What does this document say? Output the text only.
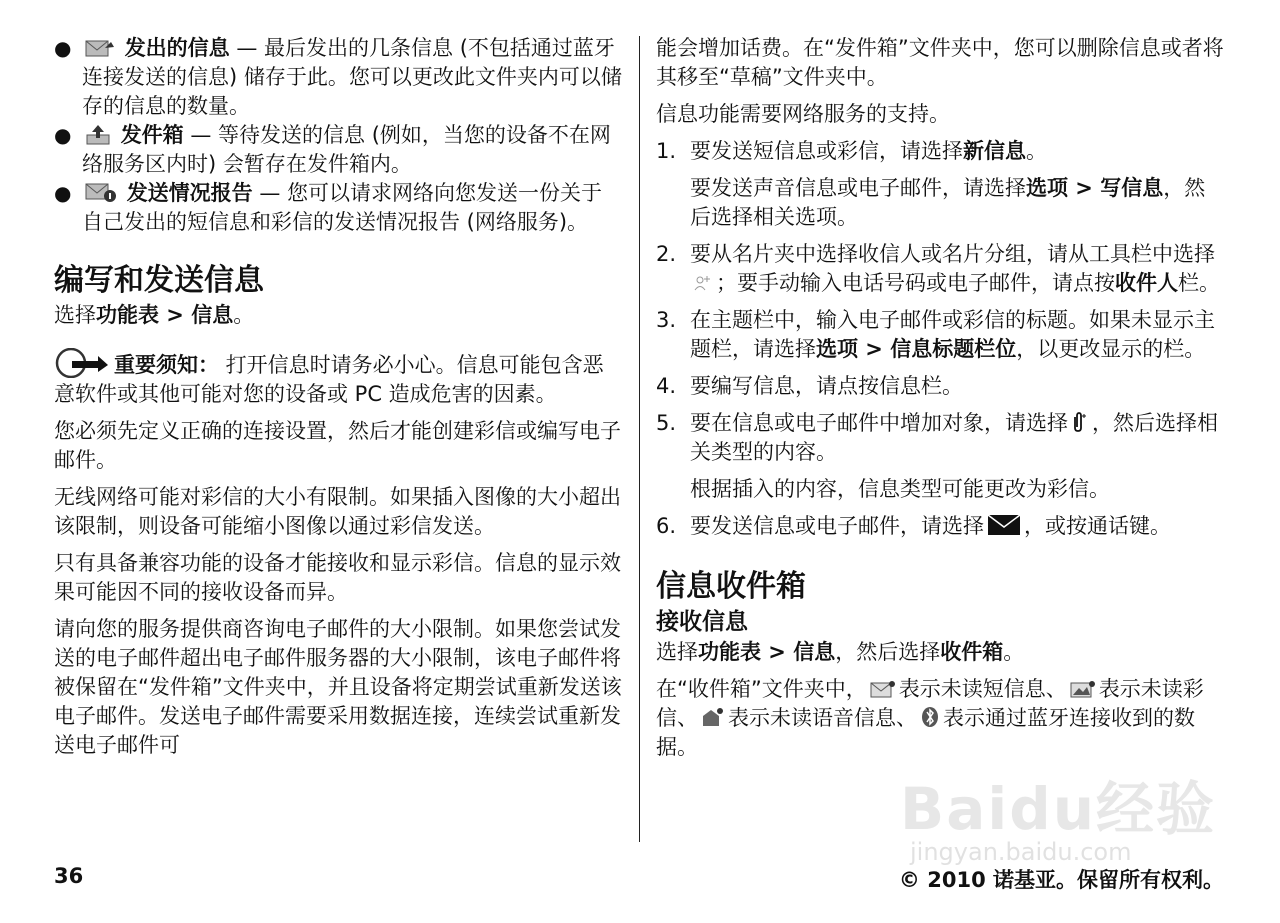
●	发出的信息 — 最后发出的几条信息 (不包括通过蓝牙连接发送的信息) 储存于此。您可以更改此文件夹内可以储存的信息的数量。
● 发件箱 — 等待发送的信息 (例如，当您的设备不在网络服务区内时) 会暂存在发件箱内。
●	发送情况报告 — 您可以请求网络向您发送一份关于自己发出的短信息和彩信的发送情况报告 (网络服务)。
编写和发送信息

选择功能表 > 信息。

重要须知： 打开信息时请务必小心。信息可能包含恶意软件或其他可能对您的设备或 PC 造成危害的因素。

您必须先定义正确的连接设置，然后才能创建彩信或编写电子邮件。

无线网络可能对彩信的大小有限制。如果插入图像的大小超出该限制，则设备可能缩小图像以通过彩信发送。

只有具备兼容功能的设备才能接收和显示彩信。信息的显示效果可能因不同的接收设备而异。

请向您的服务提供商咨询电子邮件的大小限制。如果您尝试发送的电子邮件超出电子邮件服务器的大小限制，该电子邮件将被保留在“发件箱”文件夹中，并且设备将定期尝试重新发送该电子邮件。发送电子邮件需要采用数据连接，连续尝试重新发送电子邮件可

能会增加话费。在“发件箱”文件夹中，您可以删除信息或者将其移至“草稿”文件夹中。

信息功能需要网络服务的支持。

1. 要发送短信息或彩信，请选择新信息。

要发送声音信息或电子邮件，请选择选项 > 写信息，然后选择相关选项。

2. 要从名片夹中选择收信人或名片分组，请从工具栏中选择；要手动输入电话号码或电子邮件，请点按收件人栏。
3. 在主题栏中，输入电子邮件或彩信的标题。如果未显示主题栏，请选择选项 > 信息标题栏位，以更改显示的栏。
4. 要编写信息，请点按信息栏。
5. 要在信息或电子邮件中增加对象，请选择 ，然后选择相关类型的内容。

根据插入的内容，信息类型可能更改为彩信。

6. 要发送信息或电子邮件，请选择 ，或按通话键。
信息收件箱
接收信息

选择功能表 > 信息，然后选择收件箱。

在“收件箱”文件夹中， 表示未读短信息、 表示未读彩信、 表示未读语音信息、 表示通过蓝牙连接收到的数据。

Baidu经验
jingyan.baidu.com
36	© 2010 诺基亚。保留所有权利。
